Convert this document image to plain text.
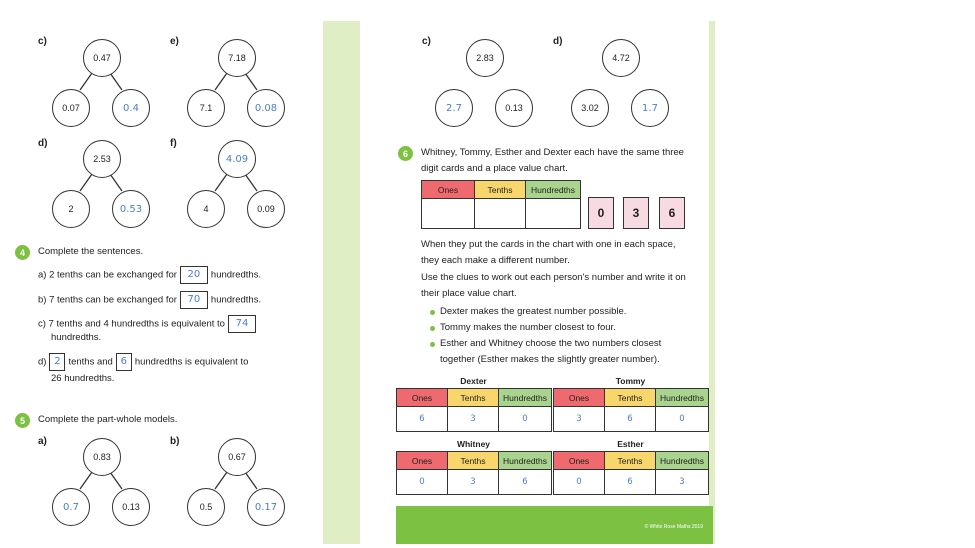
c)
0.47
0.07	0.4
e)
7.18
7.1	0.08
d)
2.53
2	0.53
f)
4.09
4	0.09
4	Complete the sentences.
a) 2 tenths can be exchanged for 20 hundredths.
b) 7 tenths can be exchanged for 70 hundredths.
c) 7 tenths and 4 hundredths is equivalent to 74
hundredths.
d) 2 tenths and 6 hundredths is equivalent to
26 hundredths.
5	Complete the part-whole models.
a)
0.83
0.7	0.13
b)
0.67
0.5	0.17
c)
2.83
2.7	0.13
d)
4.72
3.02	1.7
6	Whitney, Tommy, Esther and Dexter each have the same three
digit cards and a place value chart.
Ones	Tenths	Hundredths

0	3	6
When they put the cards in the chart with one in each space,
they each make a different number.
Use the clues to work out each person's number and write it on
their place value chart.
Dexter makes the greatest number possible.
Tommy makes the number closest to four.
Esther and Whitney choose the two numbers closest
together (Esther makes the slightly greater number).
Dexter
Ones	Tenths	Hundredths
6	3	0
Tommy
Ones	Tenths	Hundredths
3	6	0
Whitney
Ones	Tenths	Hundredths
0	3	6
Esther
Ones	Tenths	Hundredths
0	6	3
© White Rose Maths 2019
